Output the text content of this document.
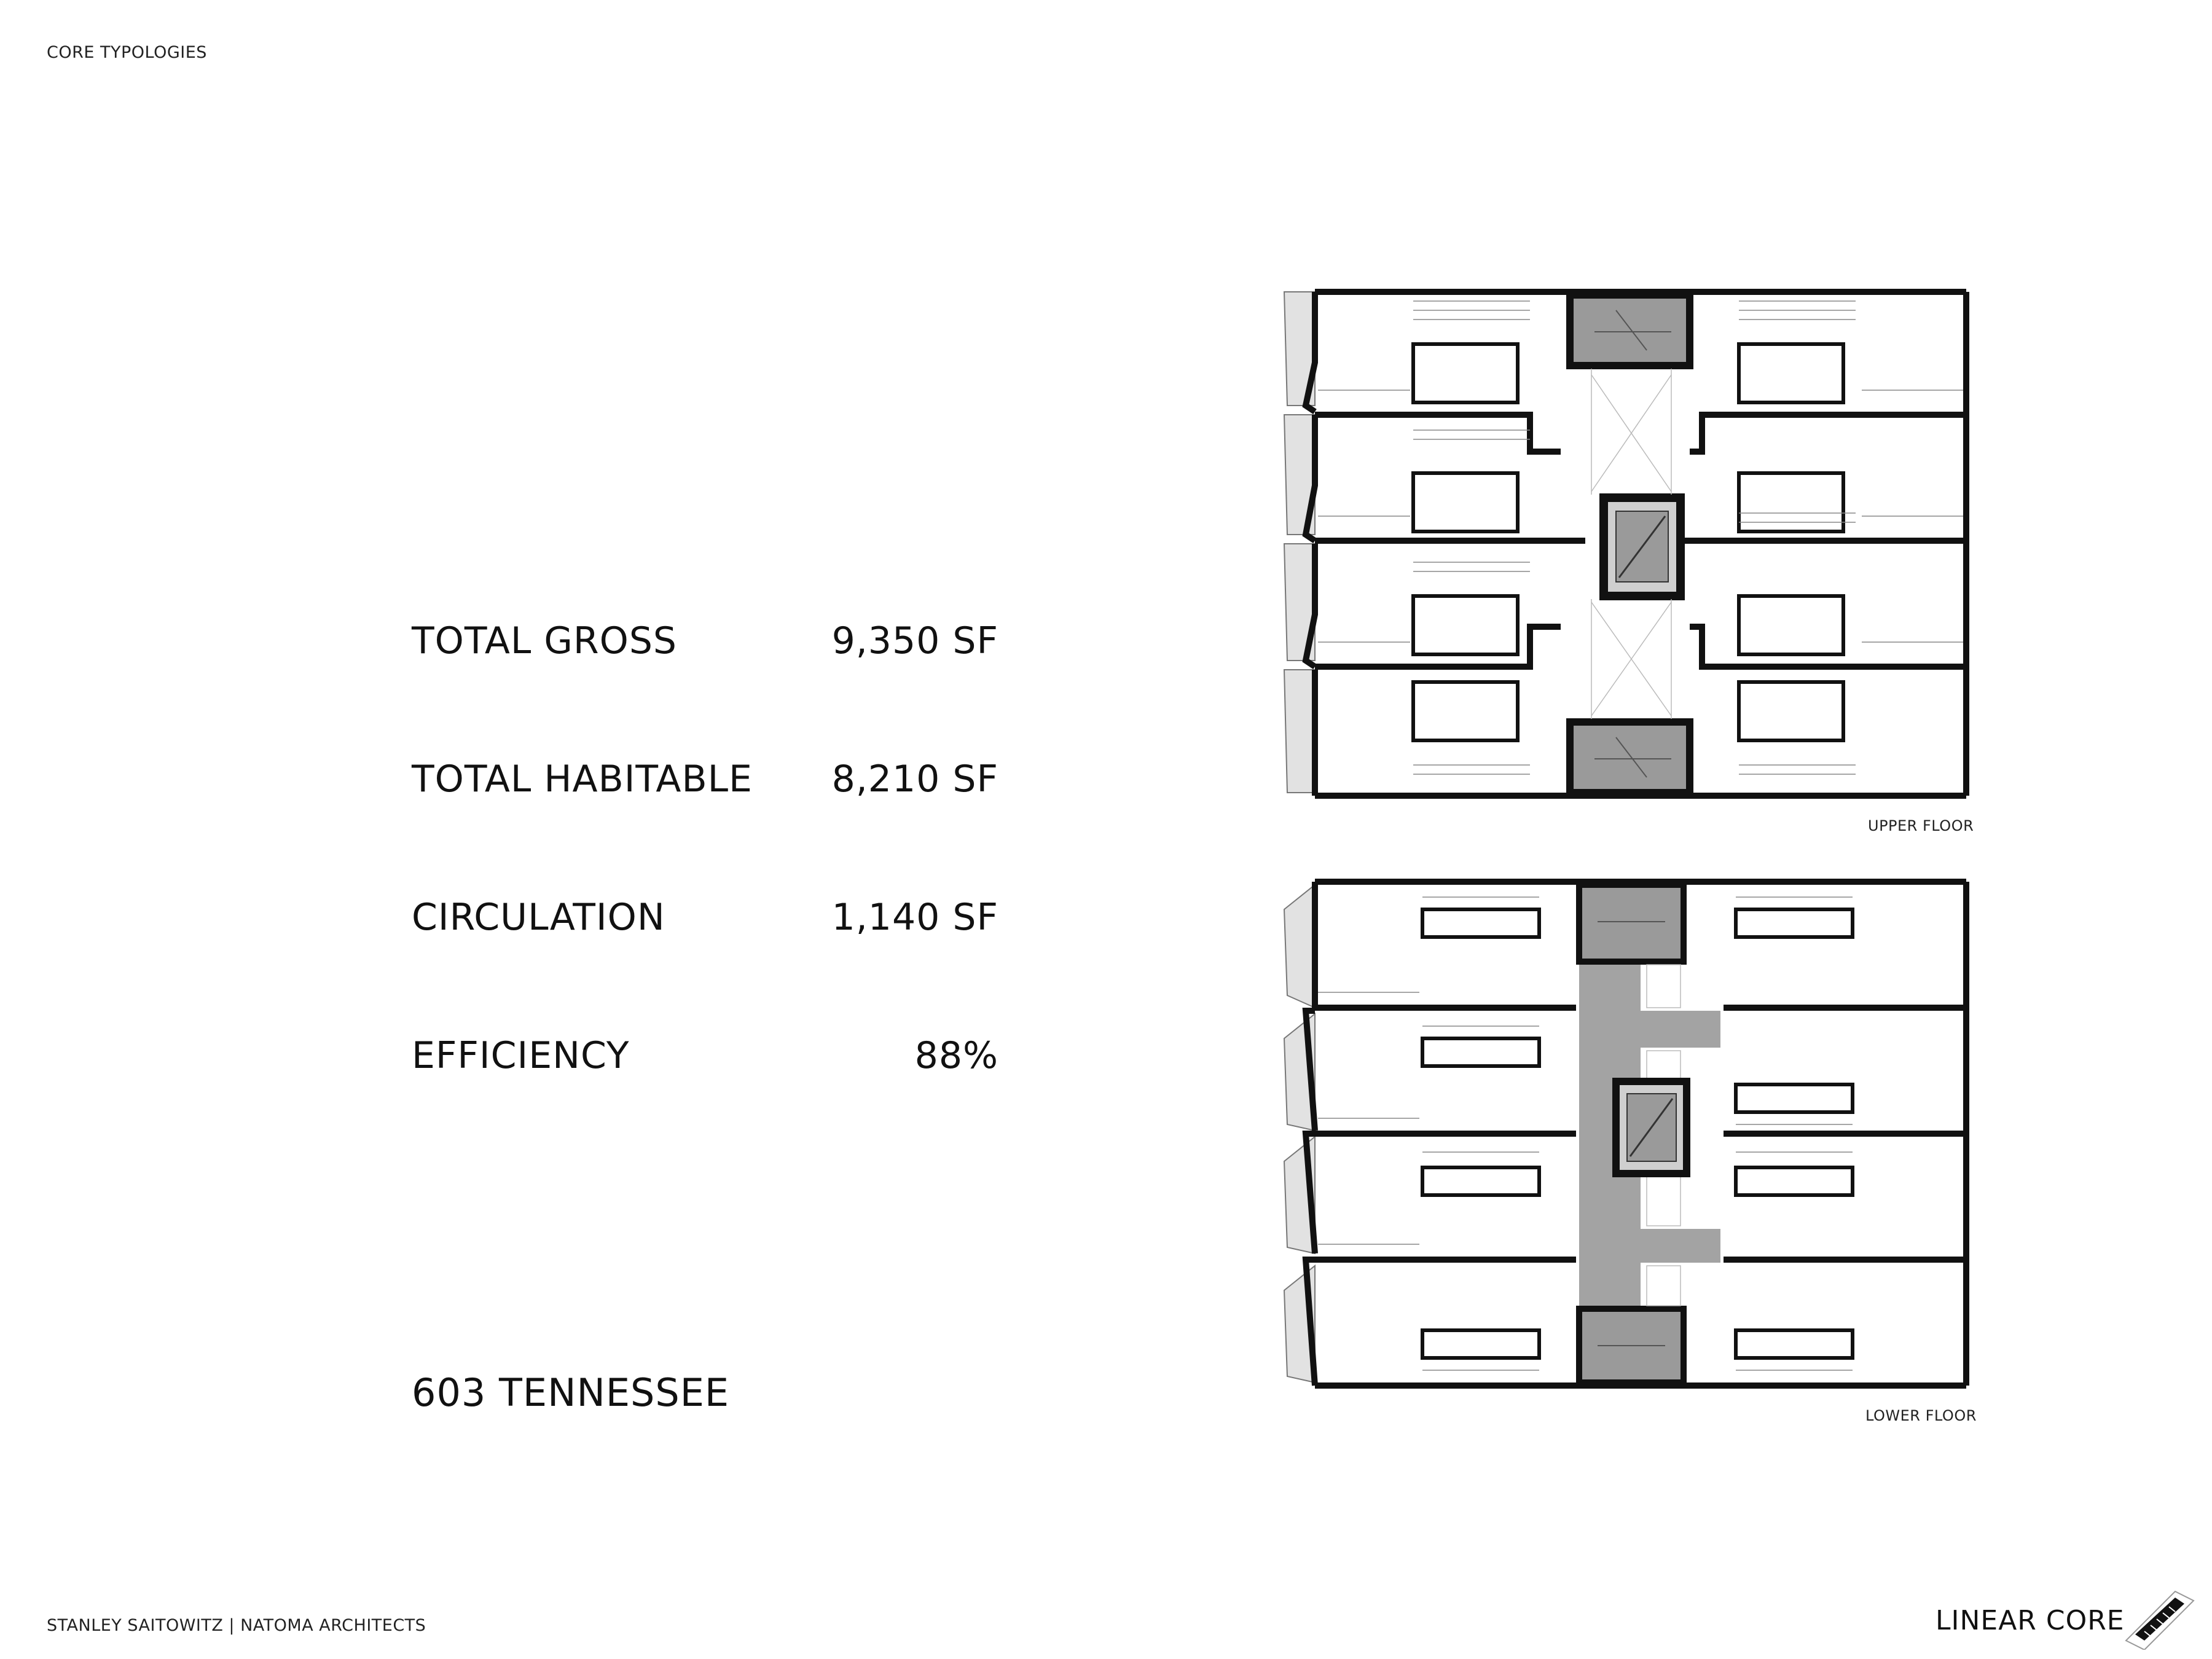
CORE TYPOLOGIES
TOTAL GROSS	9,350 SF
TOTAL HABITABLE 8,210 SF
CIRCULATION	1,140 SF
EFFICIENCY	88%
603 TENNESSEE
UPPER FLOOR
LOWER FLOOR
STANLEY SAITOWITZ | NATOMA ARCHITECTS	LINEAR CORE
